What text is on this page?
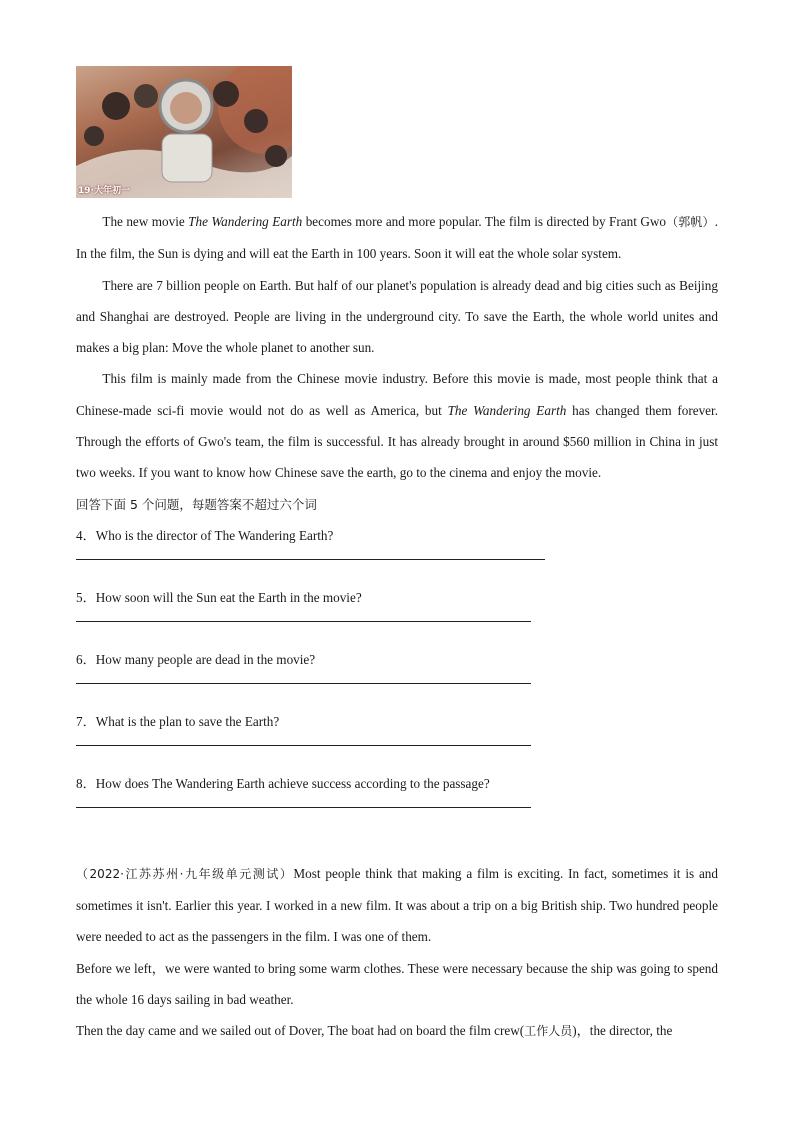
19·大年初一

The new movie The Wandering Earth becomes more and more popular. The film is directed by Frant Gwo（郭帆）. In the film, the Sun is dying and will eat the Earth in 100 years. Soon it will eat the whole solar system.

There are 7 billion people on Earth. But half of our planet's population is already dead and big cities such as Beijing and Shanghai are destroyed. People are living in the underground city. To save the Earth, the whole world unites and makes a big plan: Move the whole planet to another sun.

This film is mainly made from the Chinese movie industry. Before this movie is made, most people think that a Chinese-made sci-fi movie would not do as well as America, but The Wandering Earth has changed them forever. Through the efforts of Gwo's team, the film is successful. It has already brought in around $560 million in China in just two weeks. If you want to know how Chinese save the earth, go to the cinema and enjoy the movie.

回答下面 5 个问题，每题答案不超过六个词

4．Who is the director of The Wandering Earth?

5．How soon will the Sun eat the Earth in the movie?

6．How many people are dead in the movie?

7．What is the plan to save the Earth?

8．How does The Wandering Earth achieve success according to the passage?

（2022·江苏苏州·九年级单元测试）Most people think that making a film is exciting. In fact, sometimes it is and sometimes it isn't. Earlier this year. I worked in a new film. It was about a trip on a big British ship. Two hundred people were needed to act as the passengers in the film. I was one of them.

Before we left，we were wanted to bring some warm clothes. These were necessary because the ship was going to spend the whole 16 days sailing in bad weather.

Then the day came and we sailed out of Dover, The boat had on board the film crew(工作人员)，the director, the
